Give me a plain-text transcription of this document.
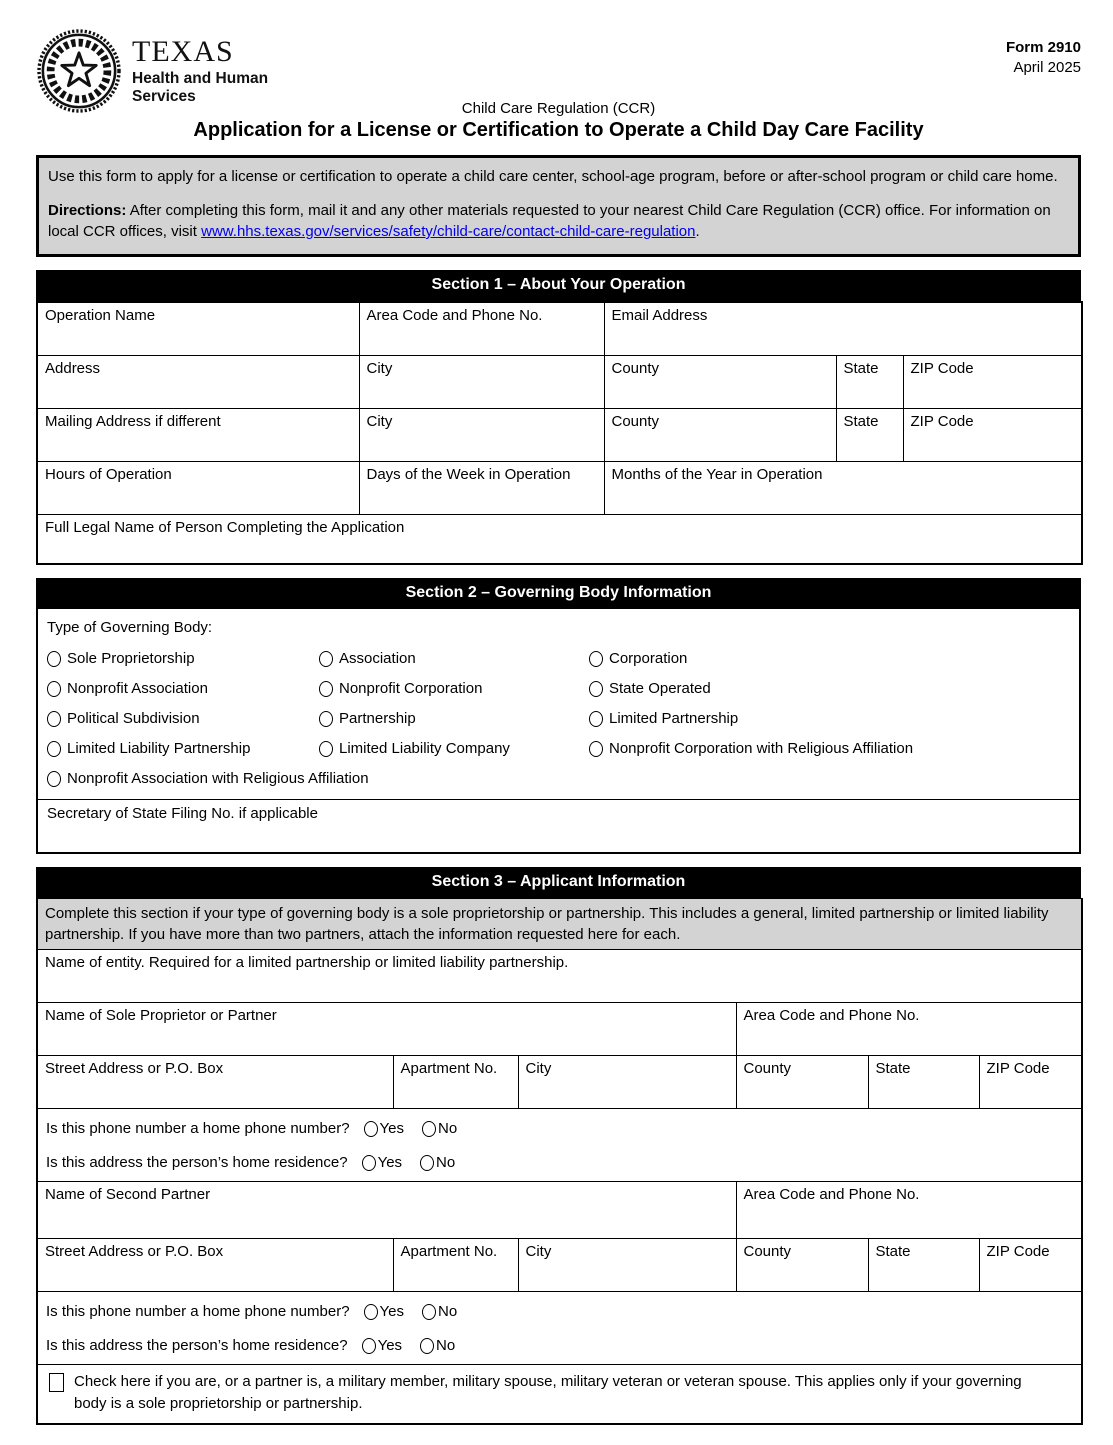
TEXAS
Health and Human
Services
Form 2910
April 2025
Child Care Regulation (CCR)
Application for a License or Certification to Operate a Child Day Care Facility

Use this form to apply for a license or certification to operate a child care center, school-age program, before or after-school program or child care home.

Directions: After completing this form, mail it and any other materials requested to your nearest Child Care Regulation (CCR) office. For information on local CCR offices, visit www.hhs.texas.gov/services/safety/child-care/contact-child-care-regulation.

Section 1 – About Your Operation
Operation Name	Area Code and Phone No.	Email Address		
Address	City	County	State	ZIP Code
Mailing Address if different	City	County	State	ZIP Code
Hours of Operation	Days of the Week in Operation	Months of the Year in Operation		
Full Legal Name of Person Completing the Application				
Section 2 – Governing Body Information
Type of Governing Body:
Sole Proprietorship	Association	Corporation
Nonprofit Association	Nonprofit Corporation	State Operated
Political Subdivision	Partnership	Limited Partnership
Limited Liability Partnership	Limited Liability Company	Nonprofit Corporation with Religious Affiliation
Nonprofit Association with Religious Affiliation
Secretary of State Filing No. if applicable
Section 3 – Applicant Information
Complete this section if your type of governing body is a sole proprietorship or partnership. This includes a general, limited partnership or limited liability partnership. If you have more than two partners, attach the information requested here for each.					
Name of entity. Required for a limited partnership or limited liability partnership.					
Name of Sole Proprietor or Partner			Area Code and Phone No.		
Street Address or P.O. Box	Apartment No.	City	County	State	ZIP Code

Is this phone number a home phone number? Yes No
Is this address the person’s home residence? Yes No

Name of Second Partner			Area Code and Phone No.		
Street Address or P.O. Box	Apartment No.	City	County	State	ZIP Code

Is this phone number a home phone number? Yes No
Is this address the person’s home residence? Yes No

Check here if you are, or a partner is, a military member, military spouse, military veteran or veteran spouse. This applies only if your governing body is a sole proprietorship or partnership.					
